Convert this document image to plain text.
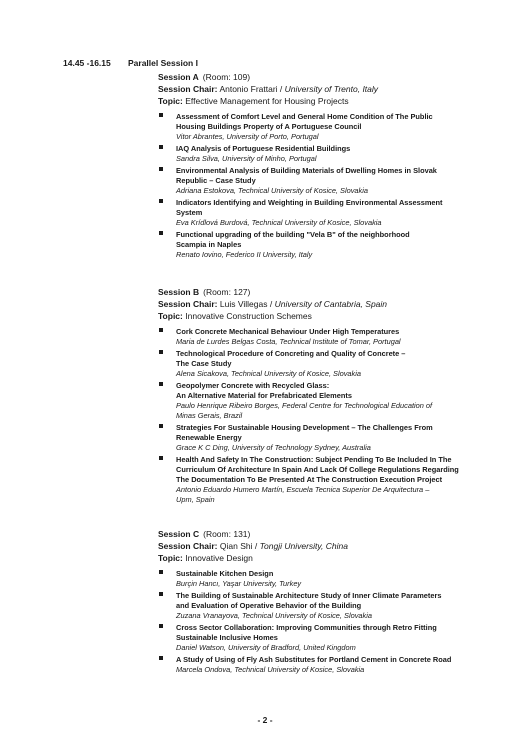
14.45 -16.15 Parallel Session I
Session A (Room: 109)
Session Chair: Antonio Frattari / University of Trento, Italy
Topic: Effective Management for Housing Projects
Assessment of Comfort Level and General Home Condition of The Public
Housing Buildings Property of A Portuguese Council
Vitor Abrantes, University of Porto, Portugal
IAQ Analysis of Portuguese Residential Buildings
Sandra Silva, University of Minho, Portugal
Environmental Analysis of Building Materials of Dwelling Homes in Slovak
Republic – Case Study
Adriana Estokova, Technical University of Kosice, Slovakia
Indicators Identifying and Weighting in Building Environmental Assessment
System
Eva Krídlová Burdová, Technical University of Kosice, Slovakia
Functional upgrading of the building "Vela B" of the neighborhood
Scampia in Naples
Renato Iovino, Federico II University, Italy
Session B (Room: 127)
Session Chair: Luis Villegas / University of Cantabria, Spain
Topic: Innovative Construction Schemes
Cork Concrete Mechanical Behaviour Under High Temperatures
Maria de Lurdes Belgas Costa, Technical Institute of Tomar, Portugal
Technological Procedure of Concreting and Quality of Concrete –
The Case Study
Alena Sicakova, Technical University of Kosice, Slovakia
Geopolymer Concrete with Recycled Glass:
An Alternative Material for Prefabricated Elements
Paulo Henrique Ribeiro Borges, Federal Centre for Technological Education of
Minas Gerais, Brazil
Strategies For Sustainable Housing Development – The Challenges From
Renewable Energy
Grace K C Ding, University of Technology Sydney, Australia
Health And Safety In The Construction: Subject Pending To Be Included In The
Curriculum Of Architecture In Spain And Lack Of College Regulations Regarding
The Documentation To Be Presented At The Construction Execution Project
Antonio Eduardo Humero Martín, Escuela Tecnica Superior De Arquitectura –
Upm, Spain
Session C (Room: 131)
Session Chair: Qian Shi / Tongji University, China
Topic: Innovative Design
Sustainable Kitchen Design
Burçin Hancı, Yaşar University, Turkey
The Building of Sustainable Architecture Study of Inner Climate Parameters
and Evaluation of Operative Behavior of the Building
Zuzana Vranayova, Technical University of Kosice, Slovakia
Cross Sector Collaboration: Improving Communities through Retro Fitting
Sustainable Inclusive Homes
Daniel Watson, University of Bradford, United Kingdom
A Study of Using of Fly Ash Substitutes for Portland Cement in Concrete Road
Marcela Ondova, Technical University of Kosice, Slovakia
- 2 -
